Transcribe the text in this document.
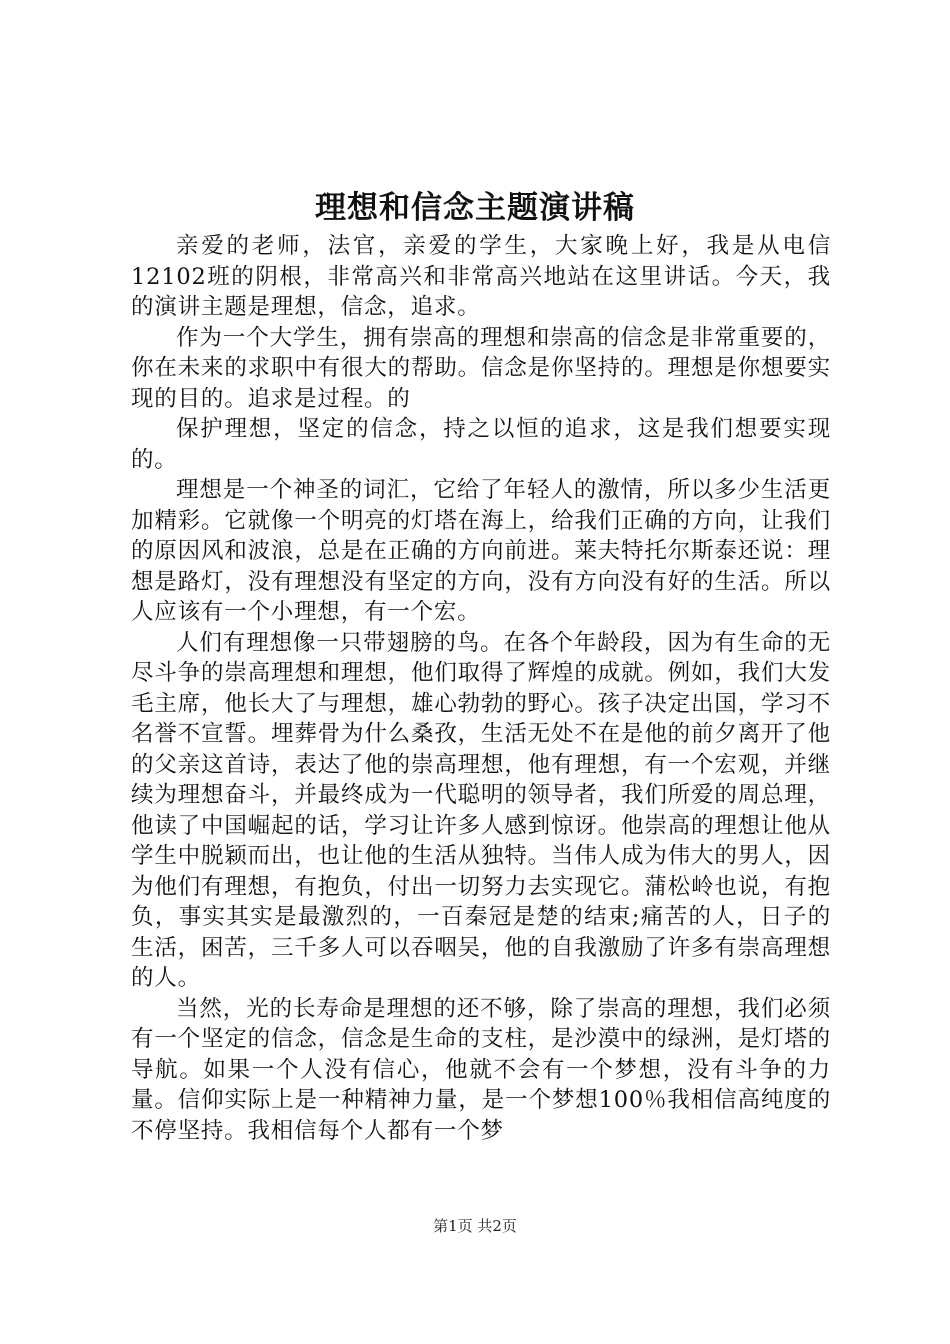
理想和信念主题演讲稿

亲爱的老师，法官，亲爱的学生，大家晚上好，我是从电信12102班的阴根，非常高兴和非常高兴地站在这里讲话。今天，我的演讲主题是理想，信念，追求。

作为一个大学生，拥有崇高的理想和崇高的信念是非常重要的，你在未来的求职中有很大的帮助。信念是你坚持的。理想是你想要实现的目的。追求是过程。的

保护理想，坚定的信念，持之以恒的追求，这是我们想要实现的。

理想是一个神圣的词汇，它给了年轻人的激情，所以多少生活更加精彩。它就像一个明亮的灯塔在海上，给我们正确的方向，让我们的原因风和波浪，总是在正确的方向前进。莱夫特托尔斯泰还说：理想是路灯，没有理想没有坚定的方向，没有方向没有好的生活。所以人应该有一个小理想，有一个宏。

人们有理想像一只带翅膀的鸟。在各个年龄段，因为有生命的无尽斗争的崇高理想和理想，他们取得了辉煌的成就。例如，我们大发毛主席，他长大了与理想，雄心勃勃的野心。孩子决定出国，学习不名誉不宣誓。埋葬骨为什么桑孜，生活无处不在是他的前夕离开了他的父亲这首诗，表达了他的崇高理想，他有理想，有一个宏观，并继续为理想奋斗，并最终成为一代聪明的领导者，我们所爱的周总理，他读了中国崛起的话，学习让许多人感到惊讶。他崇高的理想让他从学生中脱颖而出，也让他的生活从独特。当伟人成为伟大的男人，因为他们有理想，有抱负，付出一切努力去实现它。蒲松岭也说，有抱负，事实其实是最激烈的，一百秦冠是楚的结束;痛苦的人，日子的生活，困苦，三千多人可以吞咽吴，他的自我激励了许多有崇高理想的人。

当然，光的长寿命是理想的还不够，除了崇高的理想，我们必须有一个坚定的信念，信念是生命的支柱，是沙漠中的绿洲，是灯塔的导航。如果一个人没有信心，他就不会有一个梦想，没有斗争的力量。信仰实际上是一种精神力量，是一个梦想100％我相信高纯度的不停坚持。我相信每个人都有一个梦

第1页 共2页
